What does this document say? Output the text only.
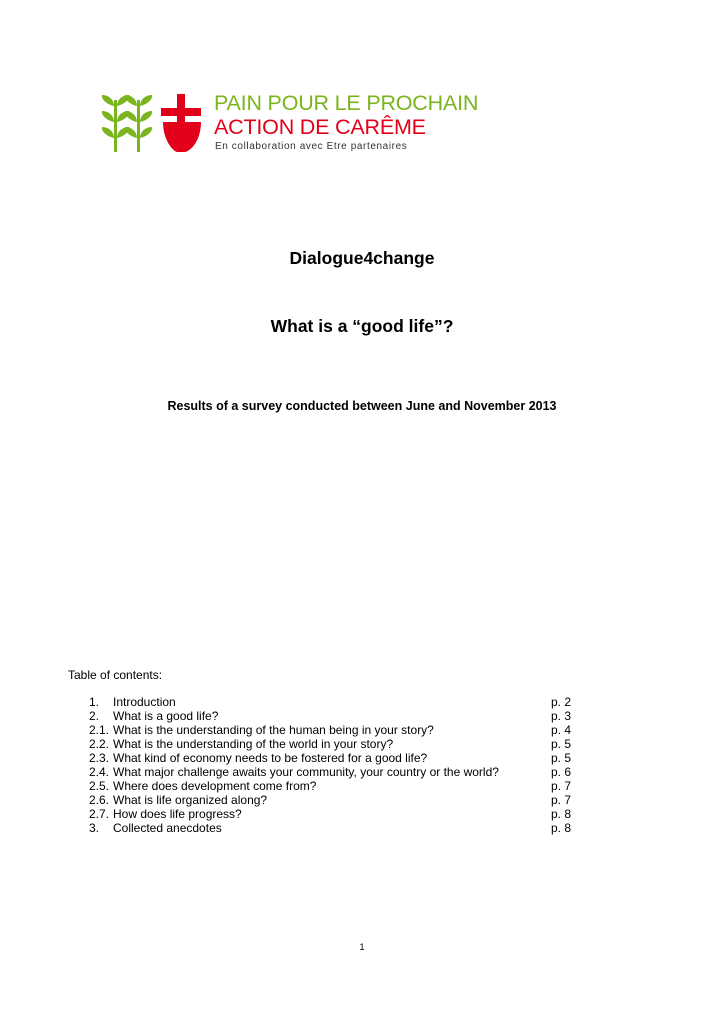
PAIN POUR LE PROCHAIN
ACTION DE CARÊME
En collaboration avec Etre partenaires
Dialogue4change
What is a “good life”?
Results of a survey conducted between June and November 2013
Table of contents:
1. Introduction	p. 2
2. What is a good life?	p. 3
2.1. What is the understanding of the human being in your story?	p. 4
2.2. What is the understanding of the world in your story?	p. 5
2.3. What kind of economy needs to be fostered for a good life?	p. 5
2.4. What major challenge awaits your community, your country or the world?	p. 6
2.5. Where does development come from?	p. 7
2.6. What is life organized along?	p. 7
2.7. How does life progress?	p. 8
3. Collected anecdotes	p. 8
1
